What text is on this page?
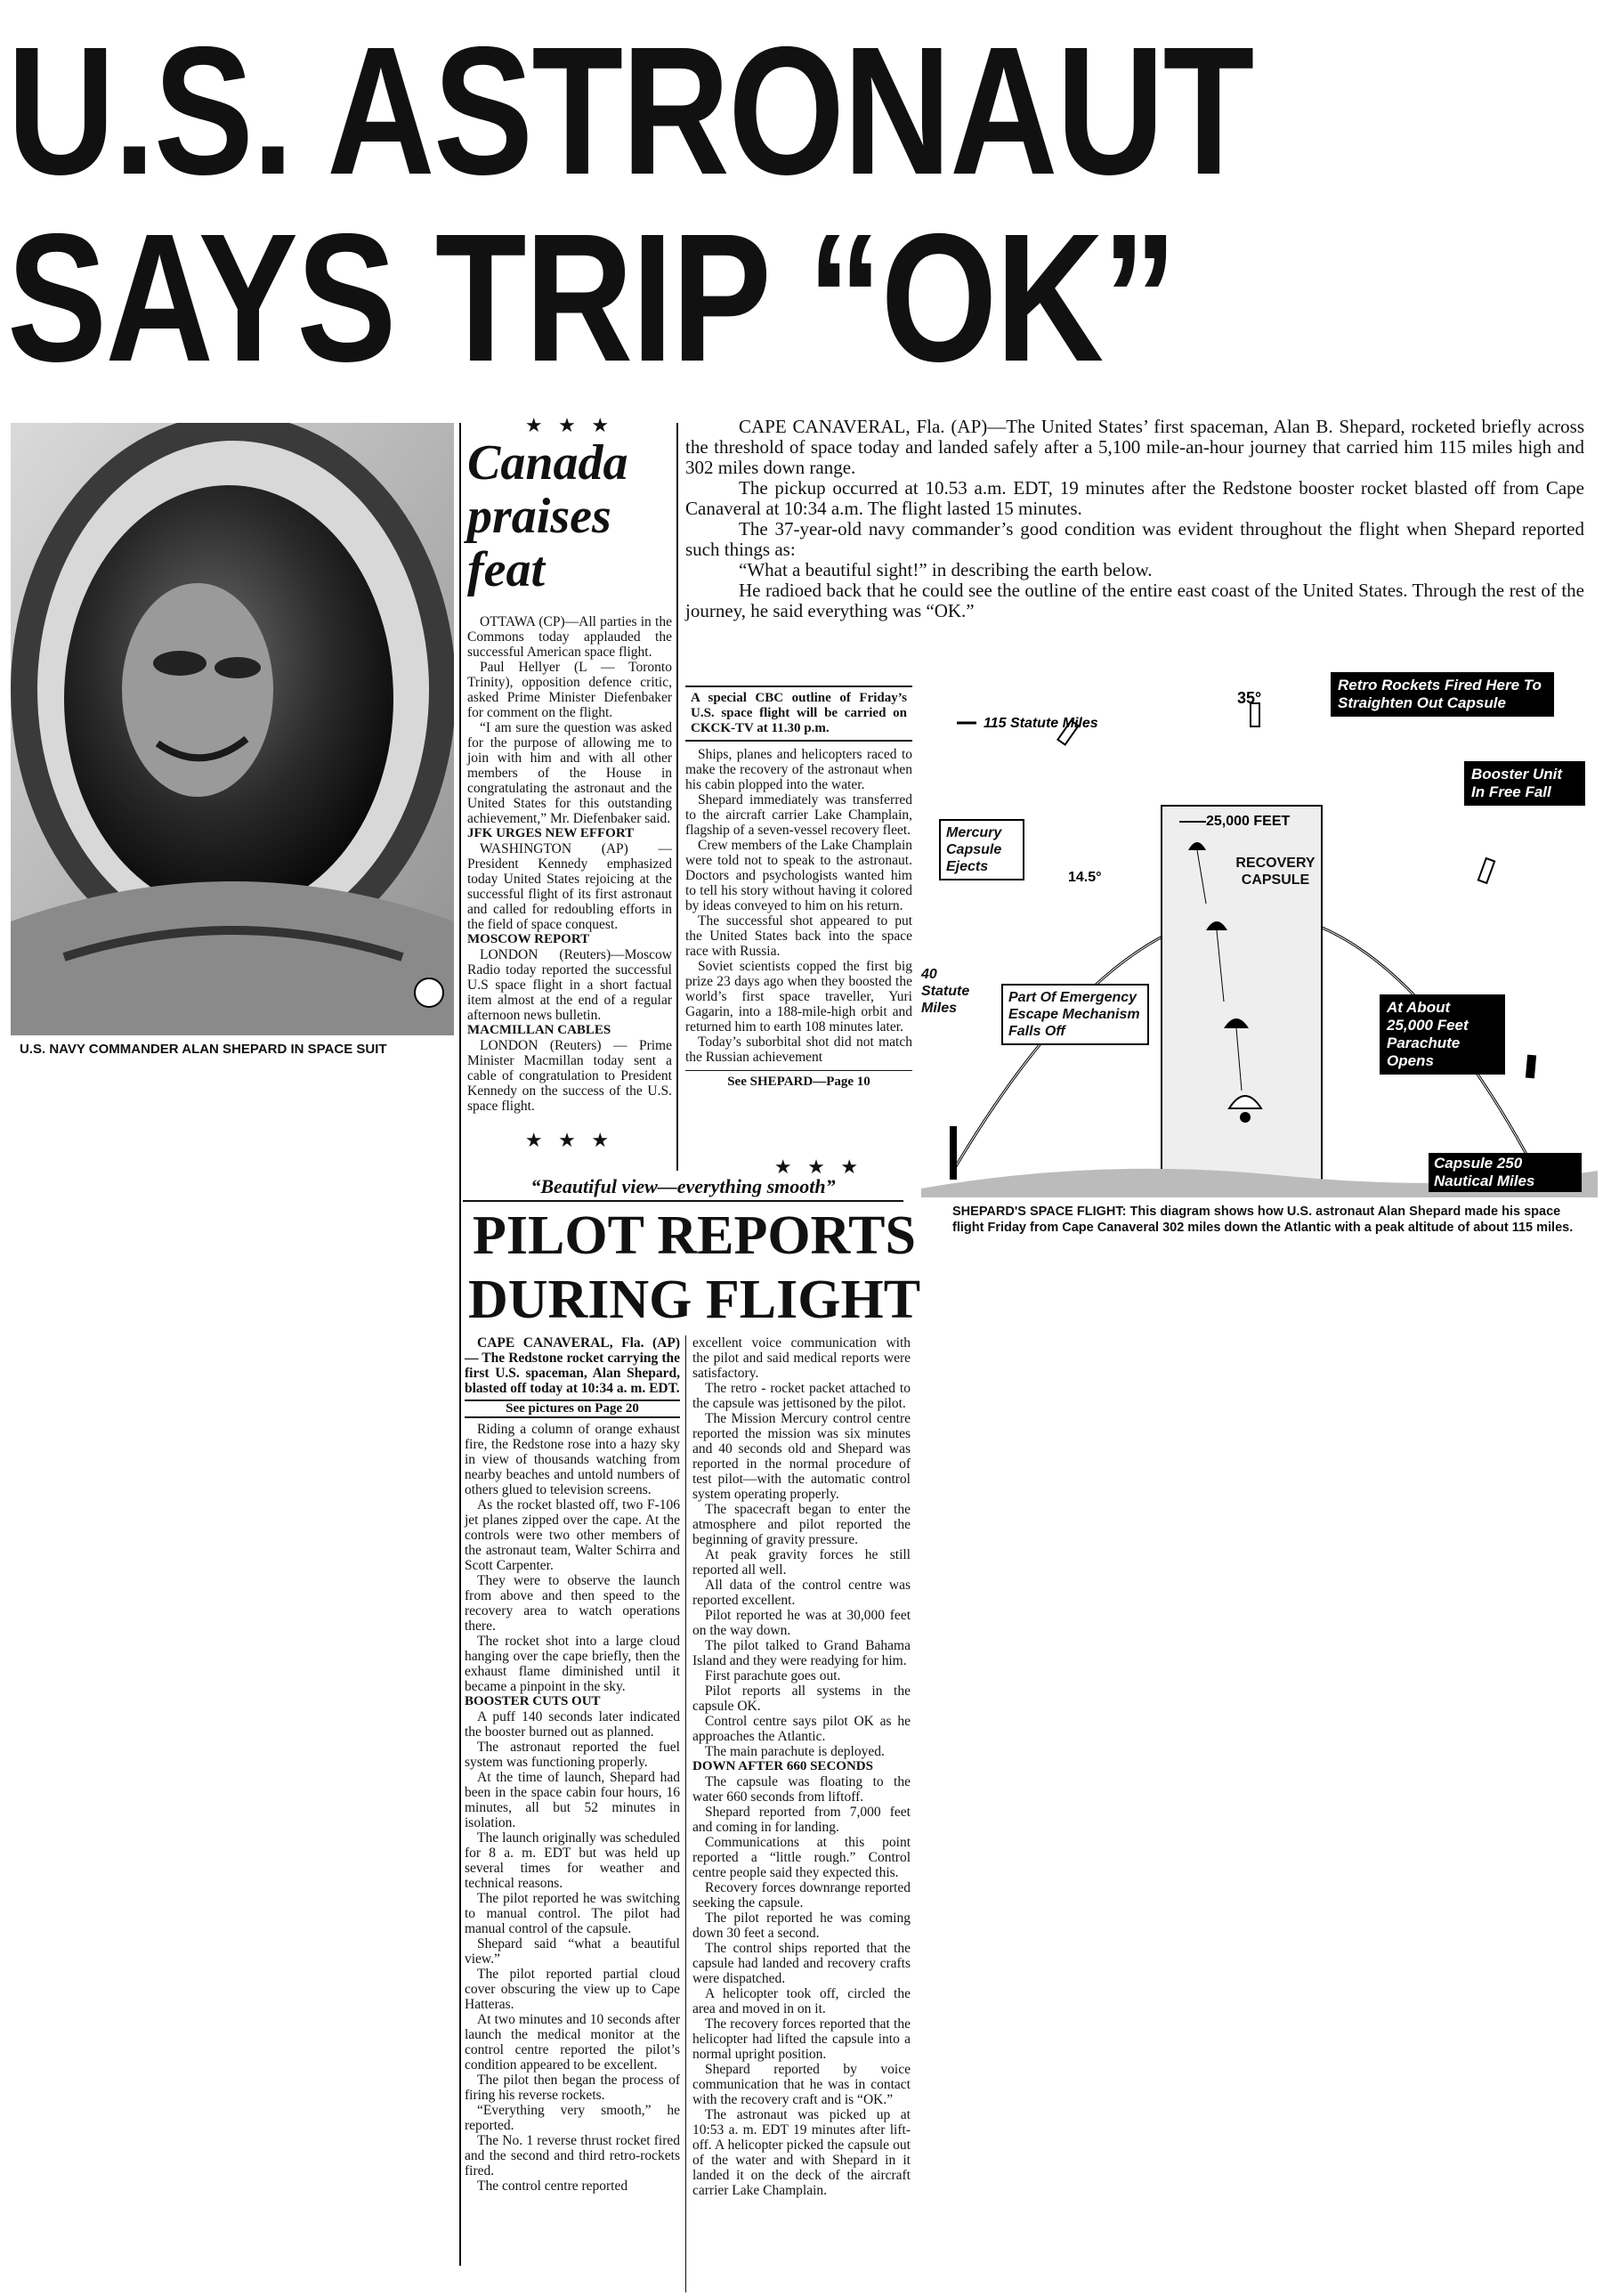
U.S. ASTRONAUT
SAYS TRIP “OK”
U.S. NAVY COMMANDER ALAN SHEPARD IN SPACE SUIT
★ ★ ★
Canada
praises
feat

OTTAWA (CP)—All parties in the Commons today applauded the successful American space flight.

Paul Hellyer (L — Toronto Trinity), opposition defence critic, asked Prime Minister Diefenbaker for comment on the flight.

“I am sure the question was asked for the purpose of allowing me to join with him and with all other members of the House in congratulating the astronaut and the United States for this outstanding achievement,” Mr. Diefenbaker said.

JFK URGES NEW EFFORT

WASHINGTON (AP) — President Kennedy emphasized today United States rejoicing at the successful flight of its first astronaut and called for redoubling efforts in the field of space conquest.

MOSCOW REPORT

LONDON (Reuters)—Moscow Radio today reported the successful U.S space flight in a short factual item almost at the end of a regular afternoon news bulletin.

MACMILLAN CABLES

LONDON (Reuters) — Prime Minister Macmillan today sent a cable of congratulation to President Kennedy on the success of the U.S. space flight.

★ ★ ★

CAPE CANAVERAL, Fla. (AP)—The United States’ first spaceman, Alan B. Shepard, rocketed briefly across the threshold of space today and landed safely after a 5,100 mile-an-hour journey that carried him 115 miles high and 302 miles down range.

The pickup occurred at 10.53 a.m. EDT, 19 minutes after the Redstone booster rocket blasted off from Cape Canaveral at 10:34 a.m. The flight lasted 15 minutes.

The 37-year-old navy commander’s good condition was evident throughout the flight when Shepard reported such things as:

“What a beautiful sight!” in describing the earth below.

He radioed back that he could see the outline of the entire east coast of the United States. Through the rest of the journey, he said everything was “OK.”

A special CBC outline of Friday’s U.S. space flight will be carried on CKCK-TV at 11.30 p.m.

Ships, planes and helicopters raced to make the recovery of the astronaut when his cabin plopped into the water.

Shepard immediately was transferred to the aircraft carrier Lake Champlain, flagship of a seven-vessel recovery fleet.

Crew members of the Lake Champlain were told not to speak to the astronaut. Doctors and psychologists wanted him to tell his story without having it colored by ideas conveyed to him on his return.

The successful shot appeared to put the United States back into the space race with Russia.

Soviet scientists copped the first big prize 23 days ago when they boosted the world’s first space traveller, Yuri Gagarin, into a 188-mile-high orbit and returned him to earth 108 minutes later.

Today’s suborbital shot did not match the Russian achievement

See SHEPARD—Page 10
★ ★ ★
115 Statute Miles
35°
25,000 FEET
14.5°
Retro Rockets Fired Here To Straighten Out Capsule
Booster Unit In Free Fall
RECOVERY CAPSULE
Mercury Capsule Ejects
40 Statute Miles
Part Of Emergency Escape Mechanism Falls Off
At About 25,000 Feet Parachute Opens
Capsule 250 Nautical Miles
SHEPARD'S SPACE FLIGHT: This diagram shows how U.S. astronaut Alan Shepard made his space flight Friday from Cape Canaveral 302 miles down the Atlantic with a peak altitude of about 115 miles.
“Beautiful view—everything smooth”
PILOT REPORTS
DURING FLIGHT

CAPE CANAVERAL, Fla. (AP) — The Redstone rocket carrying the first U.S. spaceman, Alan Shepard, blasted off today at 10:34 a. m. EDT.

See pictures on Page 20

Riding a column of orange exhaust fire, the Redstone rose into a hazy sky in view of thousands watching from nearby beaches and untold numbers of others glued to television screens.

As the rocket blasted off, two F-106 jet planes zipped over the cape. At the controls were two other members of the astronaut team, Walter Schirra and Scott Carpenter.

They were to observe the launch from above and then speed to the recovery area to watch operations there.

The rocket shot into a large cloud hanging over the cape briefly, then the exhaust flame diminished until it became a pinpoint in the sky.

BOOSTER CUTS OUT

A puff 140 seconds later indicated the booster burned out as planned.

The astronaut reported the fuel system was functioning properly.

At the time of launch, Shepard had been in the space cabin four hours, 16 minutes, all but 52 minutes in isolation.

The launch originally was scheduled for 8 a. m. EDT but was held up several times for weather and technical reasons.

The pilot reported he was switching to manual control. The pilot had manual control of the capsule.

Shepard said “what a beautiful view.”

The pilot reported partial cloud cover obscuring the view up to Cape Hatteras.

At two minutes and 10 seconds after launch the medical monitor at the control centre reported the pilot’s condition appeared to be excellent.

The pilot then began the process of firing his reverse rockets.

“Everything very smooth,” he reported.

The No. 1 reverse thrust rocket fired and the second and third retro-rockets fired.

The control centre reported

excellent voice communication with the pilot and said medical reports were satisfactory.

The retro - rocket packet attached to the capsule was jettisoned by the pilot.

The Mission Mercury control centre reported the mission was six minutes and 40 seconds old and Shepard was reported in the normal procedure of test pilot—with the automatic control system operating properly.

The spacecraft began to enter the atmosphere and pilot reported the beginning of gravity pressure.

At peak gravity forces he still reported all well.

All data of the control centre was reported excellent.

Pilot reported he was at 30,000 feet on the way down.

The pilot talked to Grand Bahama Island and they were readying for him.

First parachute goes out.

Pilot reports all systems in the capsule OK.

Control centre says pilot OK as he approaches the Atlantic.

The main parachute is deployed.

DOWN AFTER 660 SECONDS

The capsule was floating to the water 660 seconds from liftoff.

Shepard reported from 7,000 feet and coming in for landing.

Communications at this point reported a “little rough.” Control centre people said they expected this.

Recovery forces downrange reported seeking the capsule.

The pilot reported he was coming down 30 feet a second.

The control ships reported that the capsule had landed and recovery crafts were dispatched.

A helicopter took off, circled the area and moved in on it.

The recovery forces reported that the helicopter had lifted the capsule into a normal upright position.

Shepard reported by voice communication that he was in contact with the recovery craft and is “OK.”

The astronaut was picked up at 10:53 a. m. EDT 19 minutes after lift-off. A helicopter picked the capsule out of the water and with Shepard in it landed it on the deck of the aircraft carrier Lake Champlain.
